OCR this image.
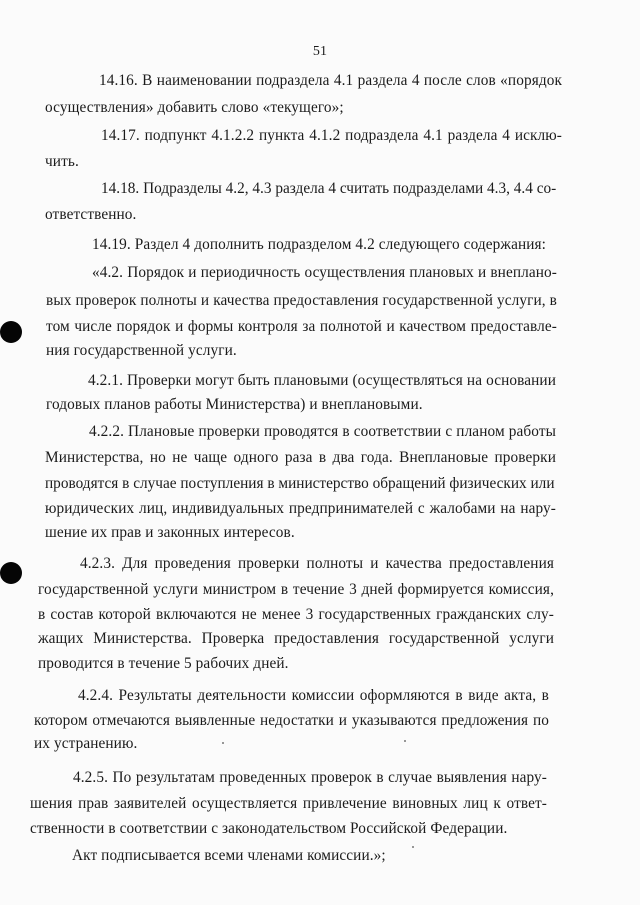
51
14.16. В наименовании подраздела 4.1 раздела 4 после слов «порядок
осуществления» добавить слово «текущего»;
14.17. подпункт 4.1.2.2 пункта 4.1.2 подраздела 4.1 раздела 4 исклю-
чить.
14.18. Подразделы 4.2, 4.3 раздела 4 считать подразделами 4.3, 4.4 со-
ответственно.
14.19. Раздел 4 дополнить подразделом 4.2 следующего содержания:
«4.2. Порядок и периодичность осуществления плановых и внеплано-
вых проверок полноты и качества предоставления государственной услуги, в
том числе порядок и формы контроля за полнотой и качеством предоставле-
ния государственной услуги.
4.2.1. Проверки могут быть плановыми (осуществляться на основании
годовых планов работы Министерства) и внеплановыми.
4.2.2. Плановые проверки проводятся в соответствии с планом работы
Министерства, но не чаще одного раза в два года. Внеплановые проверки
проводятся в случае поступления в министерство обращений физических или
юридических лиц, индивидуальных предпринимателей с жалобами на нару-
шение их прав и законных интересов.
4.2.3. Для проведения проверки полноты и качества предоставления
государственной услуги министром в течение 3 дней формируется комиссия,
в состав которой включаются не менее 3 государственных гражданских слу-
жащих Министерства. Проверка предоставления государственной услуги
проводится в течение 5 рабочих дней.
4.2.4. Результаты деятельности комиссии оформляются в виде акта, в
котором отмечаются выявленные недостатки и указываются предложения по
их устранению.
4.2.5. По результатам проведенных проверок в случае выявления нару-
шения прав заявителей осуществляется привлечение виновных лиц к ответ-
ственности в соответствии с законодательством Российской Федерации.
Акт подписывается всеми членами комиссии.»;
